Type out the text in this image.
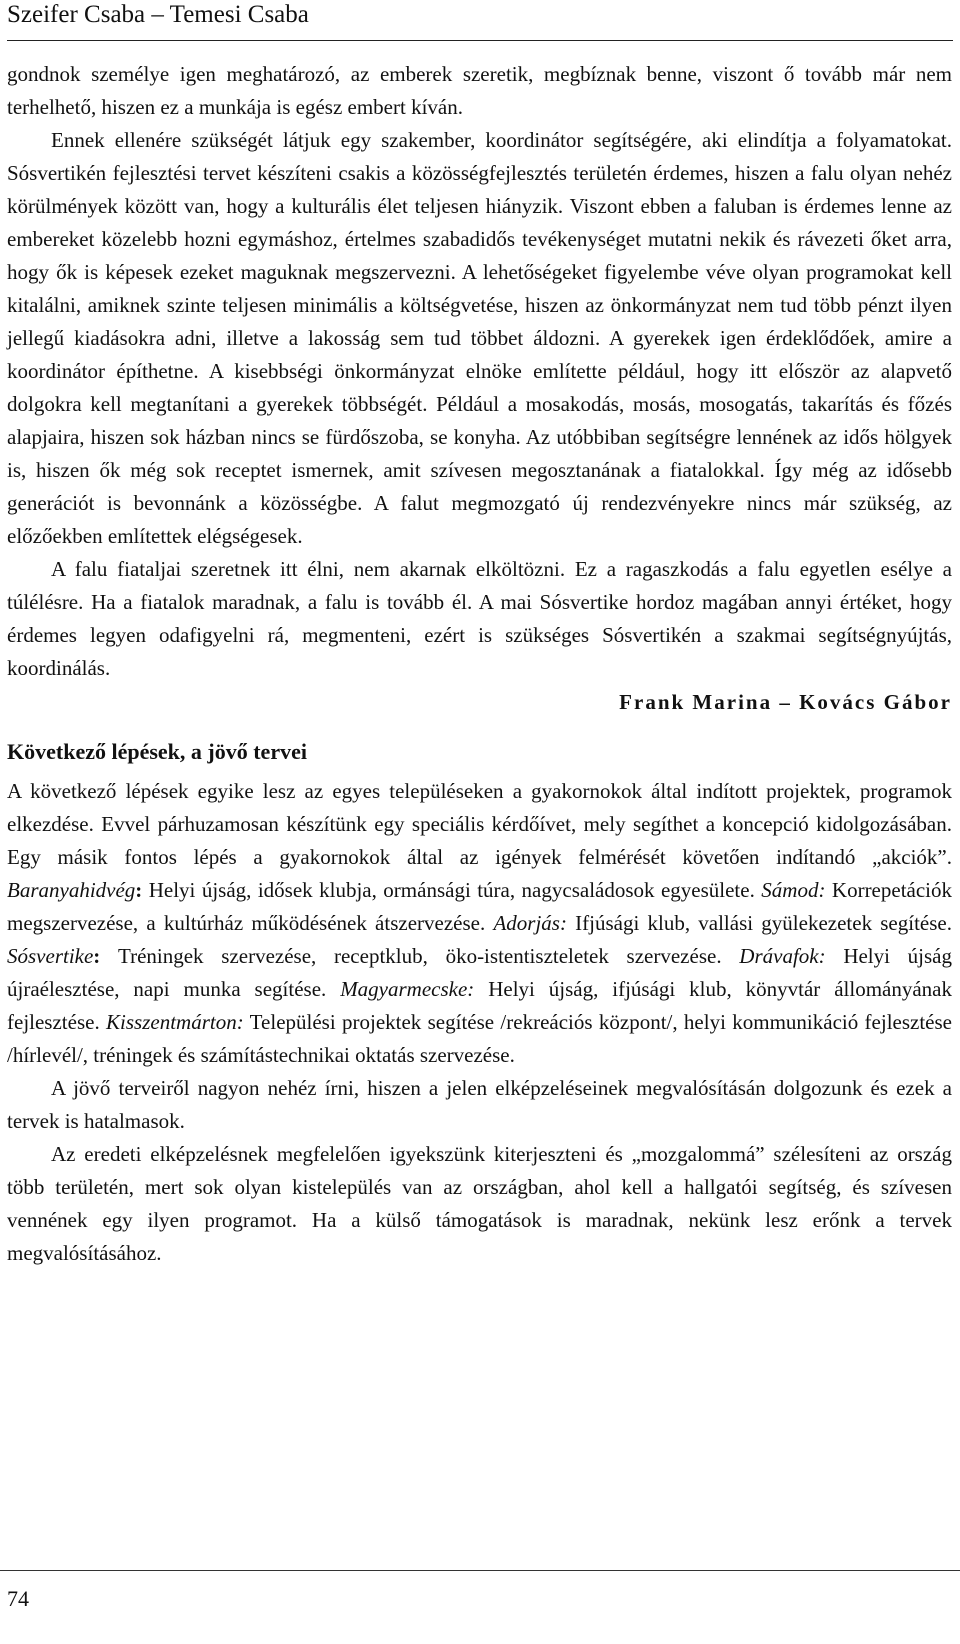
Szeifer Csaba – Temesi Csaba

gondnok személye igen meghatározó, az emberek szeretik, megbíznak benne, viszont ő tovább már nem terhelhető, hiszen ez a munkája is egész embert kíván.

Ennek ellenére szükségét látjuk egy szakember, koordinátor segítségére, aki elindítja a folyamatokat. Sósvertikén fejlesztési tervet készíteni csakis a közösségfejlesztés területén érdemes, hiszen a falu olyan nehéz körülmények között van, hogy a kulturális élet teljesen hiányzik. Viszont ebben a faluban is érdemes lenne az embereket közelebb hozni egymáshoz, értelmes szabadidős tevékenységet mutatni nekik és rávezeti őket arra, hogy ők is képesek ezeket maguknak megszervezni. A lehetőségeket figyelembe véve olyan programokat kell kitalálni, amiknek szinte teljesen minimális a költségvetése, hiszen az önkormányzat nem tud több pénzt ilyen jellegű kiadásokra adni, illetve a lakosság sem tud többet áldozni. A gyerekek igen érdeklődőek, amire a koordinátor építhetne. A kisebbségi önkormányzat elnöke említette például, hogy itt először az alapvető dolgokra kell megtanítani a gyerekek többségét. Például a mosakodás, mosás, mosogatás, takarítás és főzés alapjaira, hiszen sok házban nincs se fürdőszoba, se konyha. Az utóbbiban segítségre lennének az idős hölgyek is, hiszen ők még sok receptet ismernek, amit szívesen megosztanának a fiatalokkal. Így még az idősebb generációt is bevonnánk a közösségbe. A falut megmozgató új rendezvényekre nincs már szükség, az előzőekben említettek elégségesek.

A falu fiataljai szeretnek itt élni, nem akarnak elköltözni. Ez a ragaszkodás a falu egyetlen esélye a túlélésre. Ha a fiatalok maradnak, a falu is tovább él. A mai Sósvertike hordoz magában annyi értéket, hogy érdemes legyen odafigyelni rá, megmenteni, ezért is szükséges Sósvertikén a szakmai segítségnyújtás, koordinálás.

Frank Marina – Kovács Gábor

Következő lépések, a jövő tervei

A következő lépések egyike lesz az egyes településeken a gyakornokok által indított projektek, programok elkezdése. Evvel párhuzamosan készítünk egy speciális kérdőívet, mely segíthet a koncepció kidolgozásában. Egy másik fontos lépés a gyakornokok által az igények felmérését követően indítandó „akciók”. Baranyahidvég: Helyi újság, idősek klubja, ormánsági túra, nagycsaládosok egyesülete. Sámod: Korrepetációk megszervezése, a kultúrház működésének átszervezése. Adorjás: Ifjúsági klub, vallási gyülekezetek segítése. Sósvertike: Tréningek szervezése, receptklub, öko-istentiszteletek szervezése. Drávafok: Helyi újság újraélesztése, napi munka segítése. Magyarmecske: Helyi újság, ifjúsági klub, könyvtár állományának fejlesztése. Kisszentmárton: Települési projektek segítése /rekreációs központ/, helyi kommunikáció fejlesztése /hírlevél/, tréningek és számítástechnikai oktatás szervezése.

A jövő terveiről nagyon nehéz írni, hiszen a jelen elképzeléseinek megvalósításán dolgozunk és ezek a tervek is hatalmasok.

Az eredeti elképzelésnek megfelelően igyekszünk kiterjeszteni és „mozgalommá” szélesíteni az ország több területén, mert sok olyan kistelepülés van az országban, ahol kell a hallgatói segítség, és szívesen vennének egy ilyen programot. Ha a külső támogatások is maradnak, nekünk lesz erőnk a tervek megvalósításához.

74
